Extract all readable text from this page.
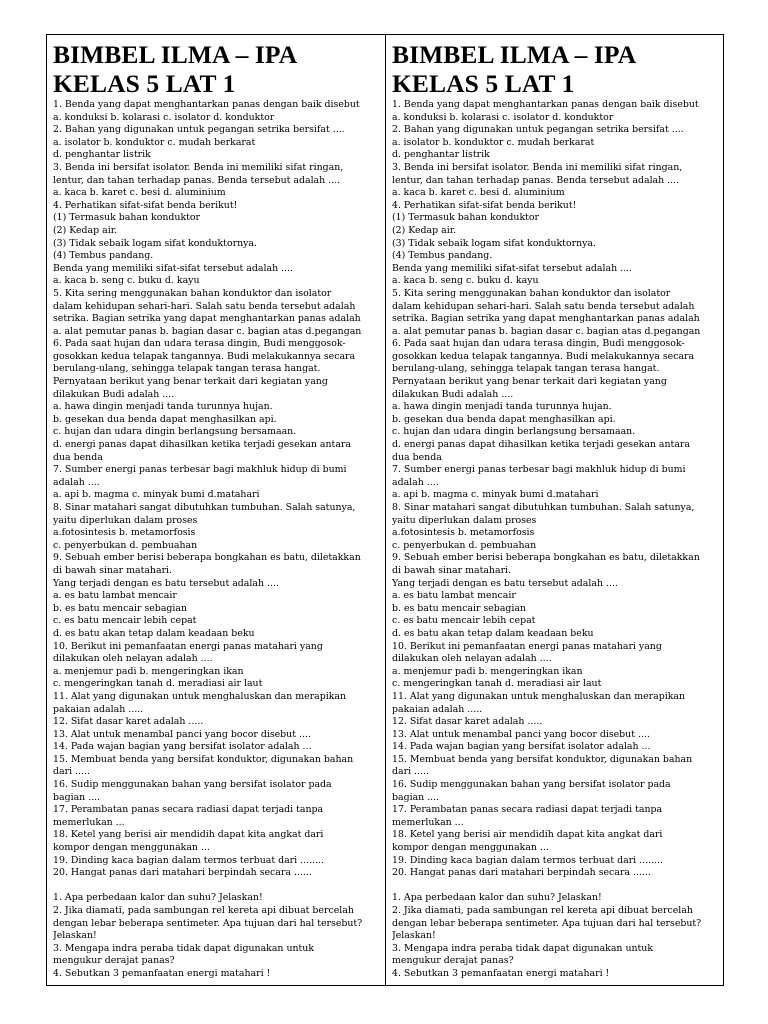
BIMBEL ILMA – IPA
KELAS 5 LAT 1
1. Benda yang dapat menghantarkan panas dengan baik disebut
a. konduksi b. kolarasi c. isolator d. konduktor
2. Bahan yang digunakan untuk pegangan setrika bersifat ....
a. isolator b. konduktor c. mudah berkarat
d. penghantar listrik
3. Benda ini bersifat isolator. Benda ini memiliki sifat ringan,
lentur, dan tahan terhadap panas. Benda tersebut adalah ....
a. kaca b. karet c. besi d. aluminium
4. Perhatikan sifat-sifat benda berikut!
(1) Termasuk bahan konduktor
(2) Kedap air.
(3) Tidak sebaik logam sifat konduktornya.
(4) Tembus pandang.
Benda yang memiliki sifat-sifat tersebut adalah ....
a. kaca b. seng c. buku d. kayu
5. Kita sering menggunakan bahan konduktor dan isolator
dalam kehidupan sehari-hari. Salah satu benda tersebut adalah
setrika. Bagian setrika yang dapat menghantarkan panas adalah
a. alat pemutar panas b. bagian dasar c. bagian atas d.pegangan
6. Pada saat hujan dan udara terasa dingin, Budi menggosok-
gosokkan kedua telapak tangannya. Budi melakukannya secara
berulang-ulang, sehingga telapak tangan terasa hangat.
Pernyataan berikut yang benar terkait dari kegiatan yang
dilakukan Budi adalah ....
a. hawa dingin menjadi tanda turunnya hujan.
b. gesekan dua benda dapat menghasilkan api.
c. hujan dan udara dingin berlangsung bersamaan.
d. energi panas dapat dihasilkan ketika terjadi gesekan antara
dua benda
7. Sumber energi panas terbesar bagi makhluk hidup di bumi
adalah ....
a. api b. magma c. minyak bumi d.matahari
8. Sinar matahari sangat dibutuhkan tumbuhan. Salah satunya,
yaitu diperlukan dalam proses
a.fotosintesis b. metamorfosis
c. penyerbukan d. pembuahan
9. Sebuah ember berisi beberapa bongkahan es batu, diletakkan
di bawah sinar matahari.
Yang terjadi dengan es batu tersebut adalah ....
a. es batu lambat mencair
b. es batu mencair sebagian
c. es batu mencair lebih cepat
d. es batu akan tetap dalam keadaan beku
10. Berikut ini pemanfaatan energi panas matahari yang
dilakukan oleh nelayan adalah ....
a. menjemur padi b. mengeringkan ikan
c. mengeringkan tanah d. meradiasi air laut
11. Alat yang digunakan untuk menghaluskan dan merapikan
pakaian adalah .....
12. Sifat dasar karet adalah .....
13. Alat untuk menambal panci yang bocor disebut ....
14. Pada wajan bagian yang bersifat isolator adalah ...
15. Membuat benda yang bersifat konduktor, digunakan bahan
dari .....
16. Sudip menggunakan bahan yang bersifat isolator pada
bagian ....
17. Perambatan panas secara radiasi dapat terjadi tanpa
memerlukan ...
18. Ketel yang berisi air mendidih dapat kita angkat dari
kompor dengan menggunakan ...
19. Dinding kaca bagian dalam termos terbuat dari ........
20. Hangat panas dari matahari berpindah secara ......
1. Apa perbedaan kalor dan suhu? Jelaskan!
2. Jika diamati, pada sambungan rel kereta api dibuat bercelah
dengan lebar beberapa sentimeter. Apa tujuan dari hal tersebut?
Jelaskan!
3. Mengapa indra peraba tidak dapat digunakan untuk
mengukur derajat panas?
4. Sebutkan 3 pemanfaatan energi matahari !
BIMBEL ILMA – IPA
KELAS 5 LAT 1
1. Benda yang dapat menghantarkan panas dengan baik disebut
a. konduksi b. kolarasi c. isolator d. konduktor
2. Bahan yang digunakan untuk pegangan setrika bersifat ....
a. isolator b. konduktor c. mudah berkarat
d. penghantar listrik
3. Benda ini bersifat isolator. Benda ini memiliki sifat ringan,
lentur, dan tahan terhadap panas. Benda tersebut adalah ....
a. kaca b. karet c. besi d. aluminium
4. Perhatikan sifat-sifat benda berikut!
(1) Termasuk bahan konduktor
(2) Kedap air.
(3) Tidak sebaik logam sifat konduktornya.
(4) Tembus pandang.
Benda yang memiliki sifat-sifat tersebut adalah ....
a. kaca b. seng c. buku d. kayu
5. Kita sering menggunakan bahan konduktor dan isolator
dalam kehidupan sehari-hari. Salah satu benda tersebut adalah
setrika. Bagian setrika yang dapat menghantarkan panas adalah
a. alat pemutar panas b. bagian dasar c. bagian atas d.pegangan
6. Pada saat hujan dan udara terasa dingin, Budi menggosok-
gosokkan kedua telapak tangannya. Budi melakukannya secara
berulang-ulang, sehingga telapak tangan terasa hangat.
Pernyataan berikut yang benar terkait dari kegiatan yang
dilakukan Budi adalah ....
a. hawa dingin menjadi tanda turunnya hujan.
b. gesekan dua benda dapat menghasilkan api.
c. hujan dan udara dingin berlangsung bersamaan.
d. energi panas dapat dihasilkan ketika terjadi gesekan antara
dua benda
7. Sumber energi panas terbesar bagi makhluk hidup di bumi
adalah ....
a. api b. magma c. minyak bumi d.matahari
8. Sinar matahari sangat dibutuhkan tumbuhan. Salah satunya,
yaitu diperlukan dalam proses
a.fotosintesis b. metamorfosis
c. penyerbukan d. pembuahan
9. Sebuah ember berisi beberapa bongkahan es batu, diletakkan
di bawah sinar matahari.
Yang terjadi dengan es batu tersebut adalah ....
a. es batu lambat mencair
b. es batu mencair sebagian
c. es batu mencair lebih cepat
d. es batu akan tetap dalam keadaan beku
10. Berikut ini pemanfaatan energi panas matahari yang
dilakukan oleh nelayan adalah ....
a. menjemur padi b. mengeringkan ikan
c. mengeringkan tanah d. meradiasi air laut
11. Alat yang digunakan untuk menghaluskan dan merapikan
pakaian adalah .....
12. Sifat dasar karet adalah .....
13. Alat untuk menambal panci yang bocor disebut ....
14. Pada wajan bagian yang bersifat isolator adalah ...
15. Membuat benda yang bersifat konduktor, digunakan bahan
dari .....
16. Sudip menggunakan bahan yang bersifat isolator pada
bagian ....
17. Perambatan panas secara radiasi dapat terjadi tanpa
memerlukan ...
18. Ketel yang berisi air mendidih dapat kita angkat dari
kompor dengan menggunakan ...
19. Dinding kaca bagian dalam termos terbuat dari ........
20. Hangat panas dari matahari berpindah secara ......
1. Apa perbedaan kalor dan suhu? Jelaskan!
2. Jika diamati, pada sambungan rel kereta api dibuat bercelah
dengan lebar beberapa sentimeter. Apa tujuan dari hal tersebut?
Jelaskan!
3. Mengapa indra peraba tidak dapat digunakan untuk
mengukur derajat panas?
4. Sebutkan 3 pemanfaatan energi matahari !
